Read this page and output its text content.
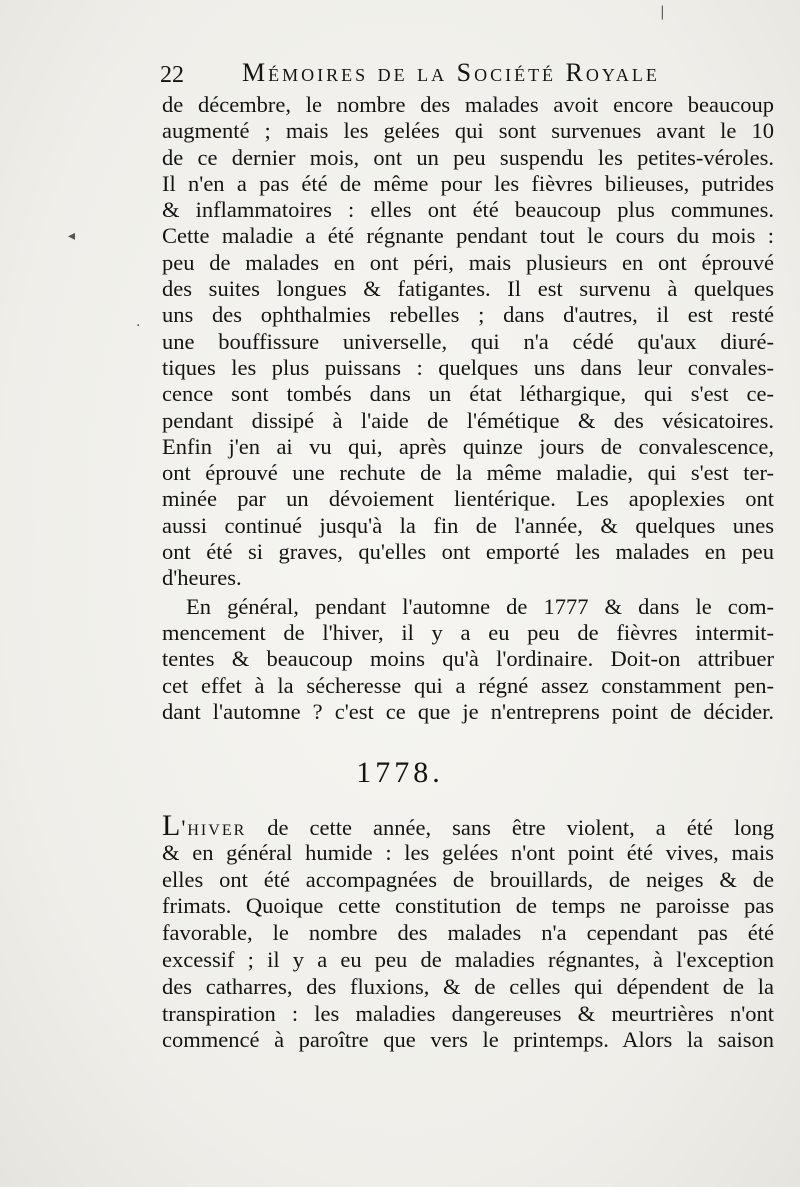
22 Mémoires de la Société Royale
de décembre, le nombre des malades avoit encore beaucoup
augmenté ; mais les gelées qui sont survenues avant le 10
de ce dernier mois, ont un peu suspendu les petites-véroles.
Il n'en a pas été de même pour les fièvres bilieuses, putrides
& inflammatoires : elles ont été beaucoup plus communes.
Cette maladie a été régnante pendant tout le cours du mois :
peu de malades en ont péri, mais plusieurs en ont éprouvé
des suites longues & fatigantes. Il est survenu à quelques
uns des ophthalmies rebelles ; dans d'autres, il est resté
une bouffissure universelle, qui n'a cédé qu'aux diuré-
tiques les plus puissans : quelques uns dans leur convales-
cence sont tombés dans un état léthargique, qui s'est ce-
pendant dissipé à l'aide de l'émétique & des vésicatoires.
Enfin j'en ai vu qui, après quinze jours de convalescence,
ont éprouvé une rechute de la même maladie, qui s'est ter-
minée par un dévoiement lientérique. Les apoplexies ont
aussi continué jusqu'à la fin de l'année, & quelques unes
ont été si graves, qu'elles ont emporté les malades en peu
d'heures.
En général, pendant l'automne de 1777 & dans le com-
mencement de l'hiver, il y a eu peu de fièvres intermit-
tentes & beaucoup moins qu'à l'ordinaire. Doit-on attribuer
cet effet à la sécheresse qui a régné assez constamment pen-
dant l'automne ? c'est ce que je n'entreprens point de décider.
1778.
L'hiver de cette année, sans être violent, a été long
& en général humide : les gelées n'ont point été vives, mais
elles ont été accompagnées de brouillards, de neiges & de
frimats. Quoique cette constitution de temps ne paroisse pas
favorable, le nombre des malades n'a cependant pas été
excessif ; il y a eu peu de maladies régnantes, à l'exception
des catharres, des fluxions, & de celles qui dépendent de la
transpiration : les maladies dangereuses & meurtrières n'ont
commencé à paroître que vers le printemps. Alors la saison
◂
·
|
